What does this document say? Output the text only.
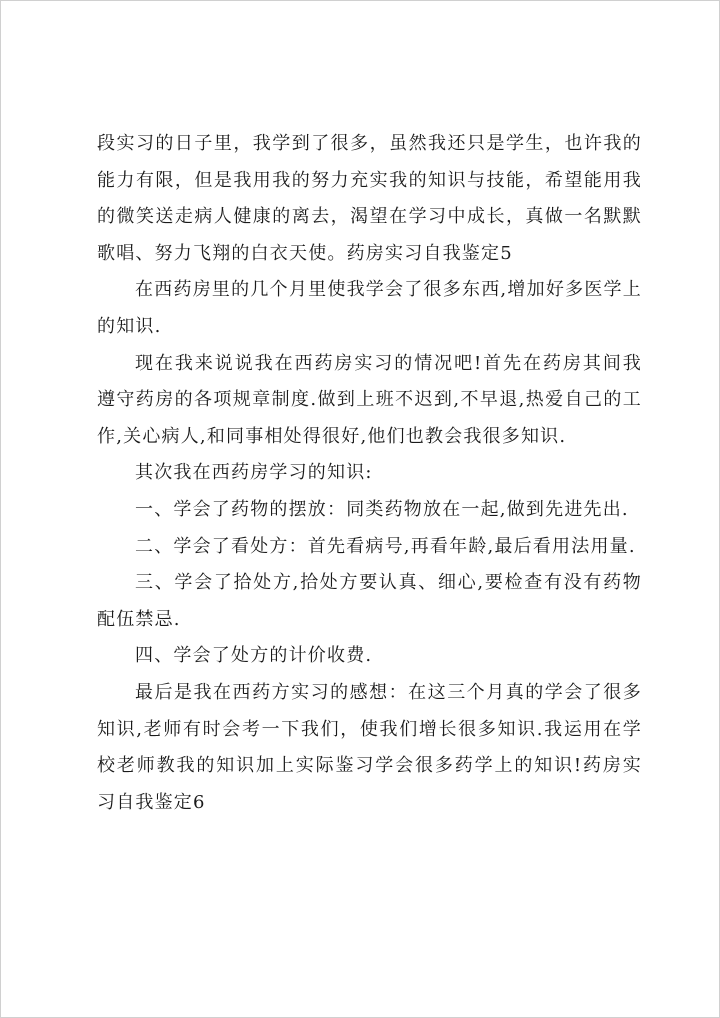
段实习的日子里，我学到了很多，虽然我还只是学生，也许我的能力有限，但是我用我的努力充实我的知识与技能，希望能用我的微笑送走病人健康的离去，渴望在学习中成长，真做一名默默歌唱、努力飞翔的白衣天使。药房实习自我鉴定5

在西药房里的几个月里使我学会了很多东西,增加好多医学上的知识.

现在我来说说我在西药房实习的情况吧!首先在药房其间我遵守药房的各项规章制度.做到上班不迟到,不早退,热爱自己的工作,关心病人,和同事相处得很好,他们也教会我很多知识.

其次我在西药房学习的知识:

一、学会了药物的摆放：同类药物放在一起,做到先进先出.

二、学会了看处方：首先看病号,再看年龄,最后看用法用量.

三、学会了拾处方,拾处方要认真、细心,要检查有没有药物配伍禁忌.

四、学会了处方的计价收费.

最后是我在西药方实习的感想：在这三个月真的学会了很多知识,老师有时会考一下我们，使我们增长很多知识.我运用在学校老师教我的知识加上实际鉴习学会很多药学上的知识!药房实习自我鉴定6
